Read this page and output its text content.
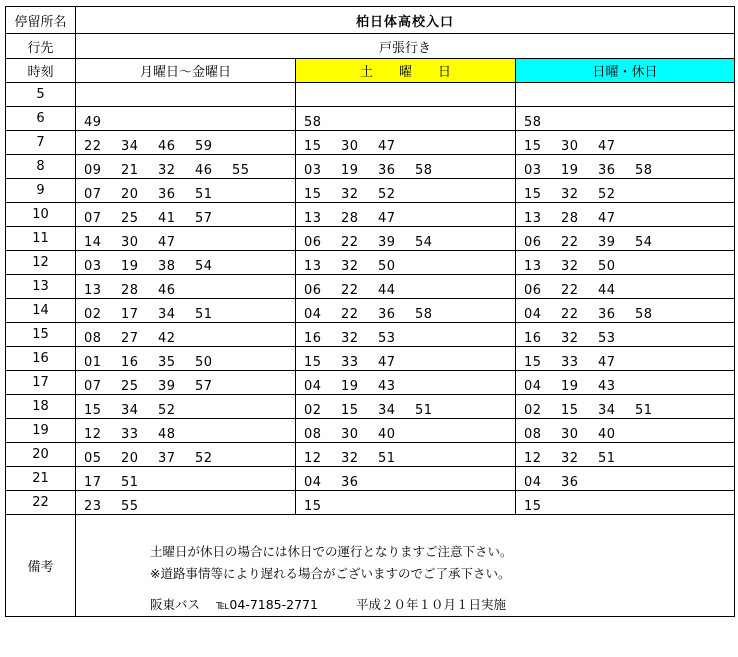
停留所名	柏日体高校入口		
行先	戸張行き		
時刻	月曜日～金曜日	土　　曜　　日	日曜・休日
5			
6	49	58	58
7	22 34 46 59	15 30 47	15 30 47
8	09 21 32 46 55	03 19 36 58	03 19 36 58
9	07 20 36 51	15 32 52	15 32 52
10	07 25 41 57	13 28 47	13 28 47
11	14 30 47	06 22 39 54	06 22 39 54
12	03 19 38 54	13 32 50	13 32 50
13	13 28 46	06 22 44	06 22 44
14	02 17 34 51	04 22 36 58	04 22 36 58
15	08 27 42	16 32 53	16 32 53
16	01 16 35 50	15 33 47	15 33 47
17	07 25 39 57	04 19 43	04 19 43
18	15 34 52	02 15 34 51	02 15 34 51
19	12 33 48	08 30 40	08 30 40
20	05 20 37 52	12 32 51	12 32 51
21	17 51	04 36	04 36
22	23 55	15	15
備考	土曜日が休日の場合には休日での運行となりますご注意下さい。
※道路事情等により遅れる場合がございますのでご了承下さい。
阪東バス ℡04-7185-2771 平成２０年１０月１日実施		
